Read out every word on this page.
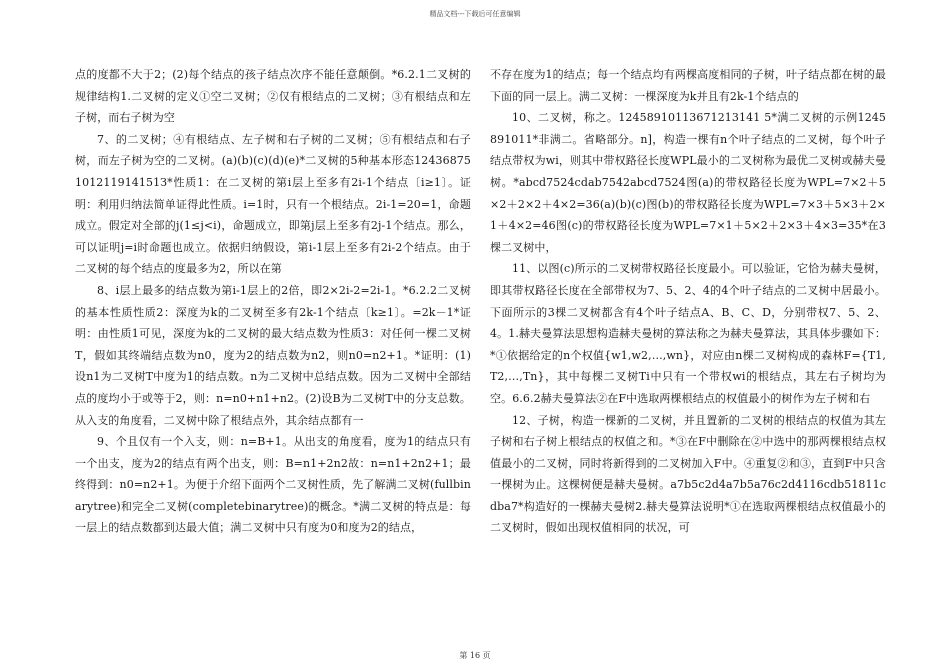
精品文档---下载后可任意编辑

点的度都不大于2；(2)每个结点的孩子结点次序不能任意颠倒。*6.2.1二叉树的规律结构1.二叉树的定义①空二叉树；②仅有根结点的二叉树；③有根结点和左子树，而右子树为空

7、的二叉树；④有根结点、左子树和右子树的二叉树；⑤有根结点和右子树，而左子树为空的二叉树。(a)(b)(c)(d)(e)*二叉树的5种基本形态12436875101211914151З*性质1：在二叉树的第i层上至多有2i-1个结点〔i≥1〕。证明：利用归纳法简单证得此性质。i=1时，只有一个根结点。2i-1=20=1，命题成立。假定对全部的j(1≤j<i)，命题成立，即第j层上至多有2j-1个结点。那么，可以证明j=i时命题也成立。依据归纳假设，第i-1层上至多有2i-2个结点。由于二叉树的每个结点的度最多为2，所以在第

8、i层上最多的结点数为第i-1层上的2倍，即2×2i-2=2i-1。*6.2.2二叉树的基本性质性质2：深度为k的二叉树至多有2k-1个结点〔k≥1〕。=2k－1*证明：由性质1可见，深度为k的二叉树的最大结点数为性质3：对任何一棵二叉树T，假如其终端结点数为n0，度为2的结点数为n2，则n0=n2+1。*证明：(1)设n1为二叉树T中度为1的结点数。n为二叉树中总结点数。因为二叉树中全部结点的度均小于或等于2，则：n=n0+n1+n2。(2)设B为二叉树T中的分支总数。从入支的角度看，二叉树中除了根结点外，其余结点都有一

9、个且仅有一个入支，则：n=B+1。从出支的角度看，度为1的结点只有一个出支，度为2的结点有两个出支，则：B=n1+2n2故：n=n1+2n2+1；最终得到：n0=n2+1。为便于介绍下面两个二叉树性质，先了解满二叉树(fullbinarytree)和完全二叉树(completebinarytree)的概念。*满二叉树的特点是：每一层上的结点数都到达最大值；满二叉树中只有度为0和度为2的结点，

不存在度为1的结点；每一个结点均有两棵高度相同的子树，叶子结点都在树的最下面的同一层上。满二叉树：一棵深度为k并且有2k-1个结点的

10、二叉树，称之。12458910113671213141 5*满二叉树的示例1245891011*非满二。省略部分。n]，构造一棵有n个叶子结点的二叉树，每个叶子结点带权为wi，则其中带权路径长度WPL最小的二叉树称为最优二叉树或赫夫曼树。*abcd7524cdab7542abcd7524图(a)的带权路径长度为WPL=7×2＋5×2＋2×2＋4×2=36(a)(b)(c)图(b)的带权路径长度为WPL=7×3＋5×3＋2×1＋4×2=46图(c)的带权路径长度为WPL=7×1＋5×2＋2×3＋4×3=35*在3棵二叉树中，

11、以图(c)所示的二叉树带权路径长度最小。可以验证，它恰为赫夫曼树，即其带权路径长度在全部带权为7、5、2、4的4个叶子结点的二叉树中居最小。下面所示的3棵二叉树都含有4个叶子结点A、B、C、D，分别带权7、5、2、4。1.赫夫曼算法思想构造赫夫曼树的算法称之为赫夫曼算法，其具体步骤如下：*①依据给定的n个权值{w1,w2,…,wn}，对应由n棵二叉树构成的森林F={T1,T2,…,Tn}，其中每棵二叉树Ti中只有一个带权wi的根结点，其左右子树均为空。6.6.2赫夫曼算法②在F中选取两棵根结点的权值最小的树作为左子树和右

12、子树，构造一棵新的二叉树，并且置新的二叉树的根结点的权值为其左子树和右子树上根结点的权值之和。*③在F中删除在②中选中的那两棵根结点权值最小的二叉树，同时将新得到的二叉树加入F中。④重复②和③，直到F中只含一棵树为止。这棵树便是赫夫曼树。a7b5c2d4a7b5a76c2d4116cdb51811cdba7*构造好的一棵赫夫曼树2.赫夫曼算法说明*①在选取两棵根结点权值最小的二叉树时，假如出现权值相同的状况，可

第 16 页
